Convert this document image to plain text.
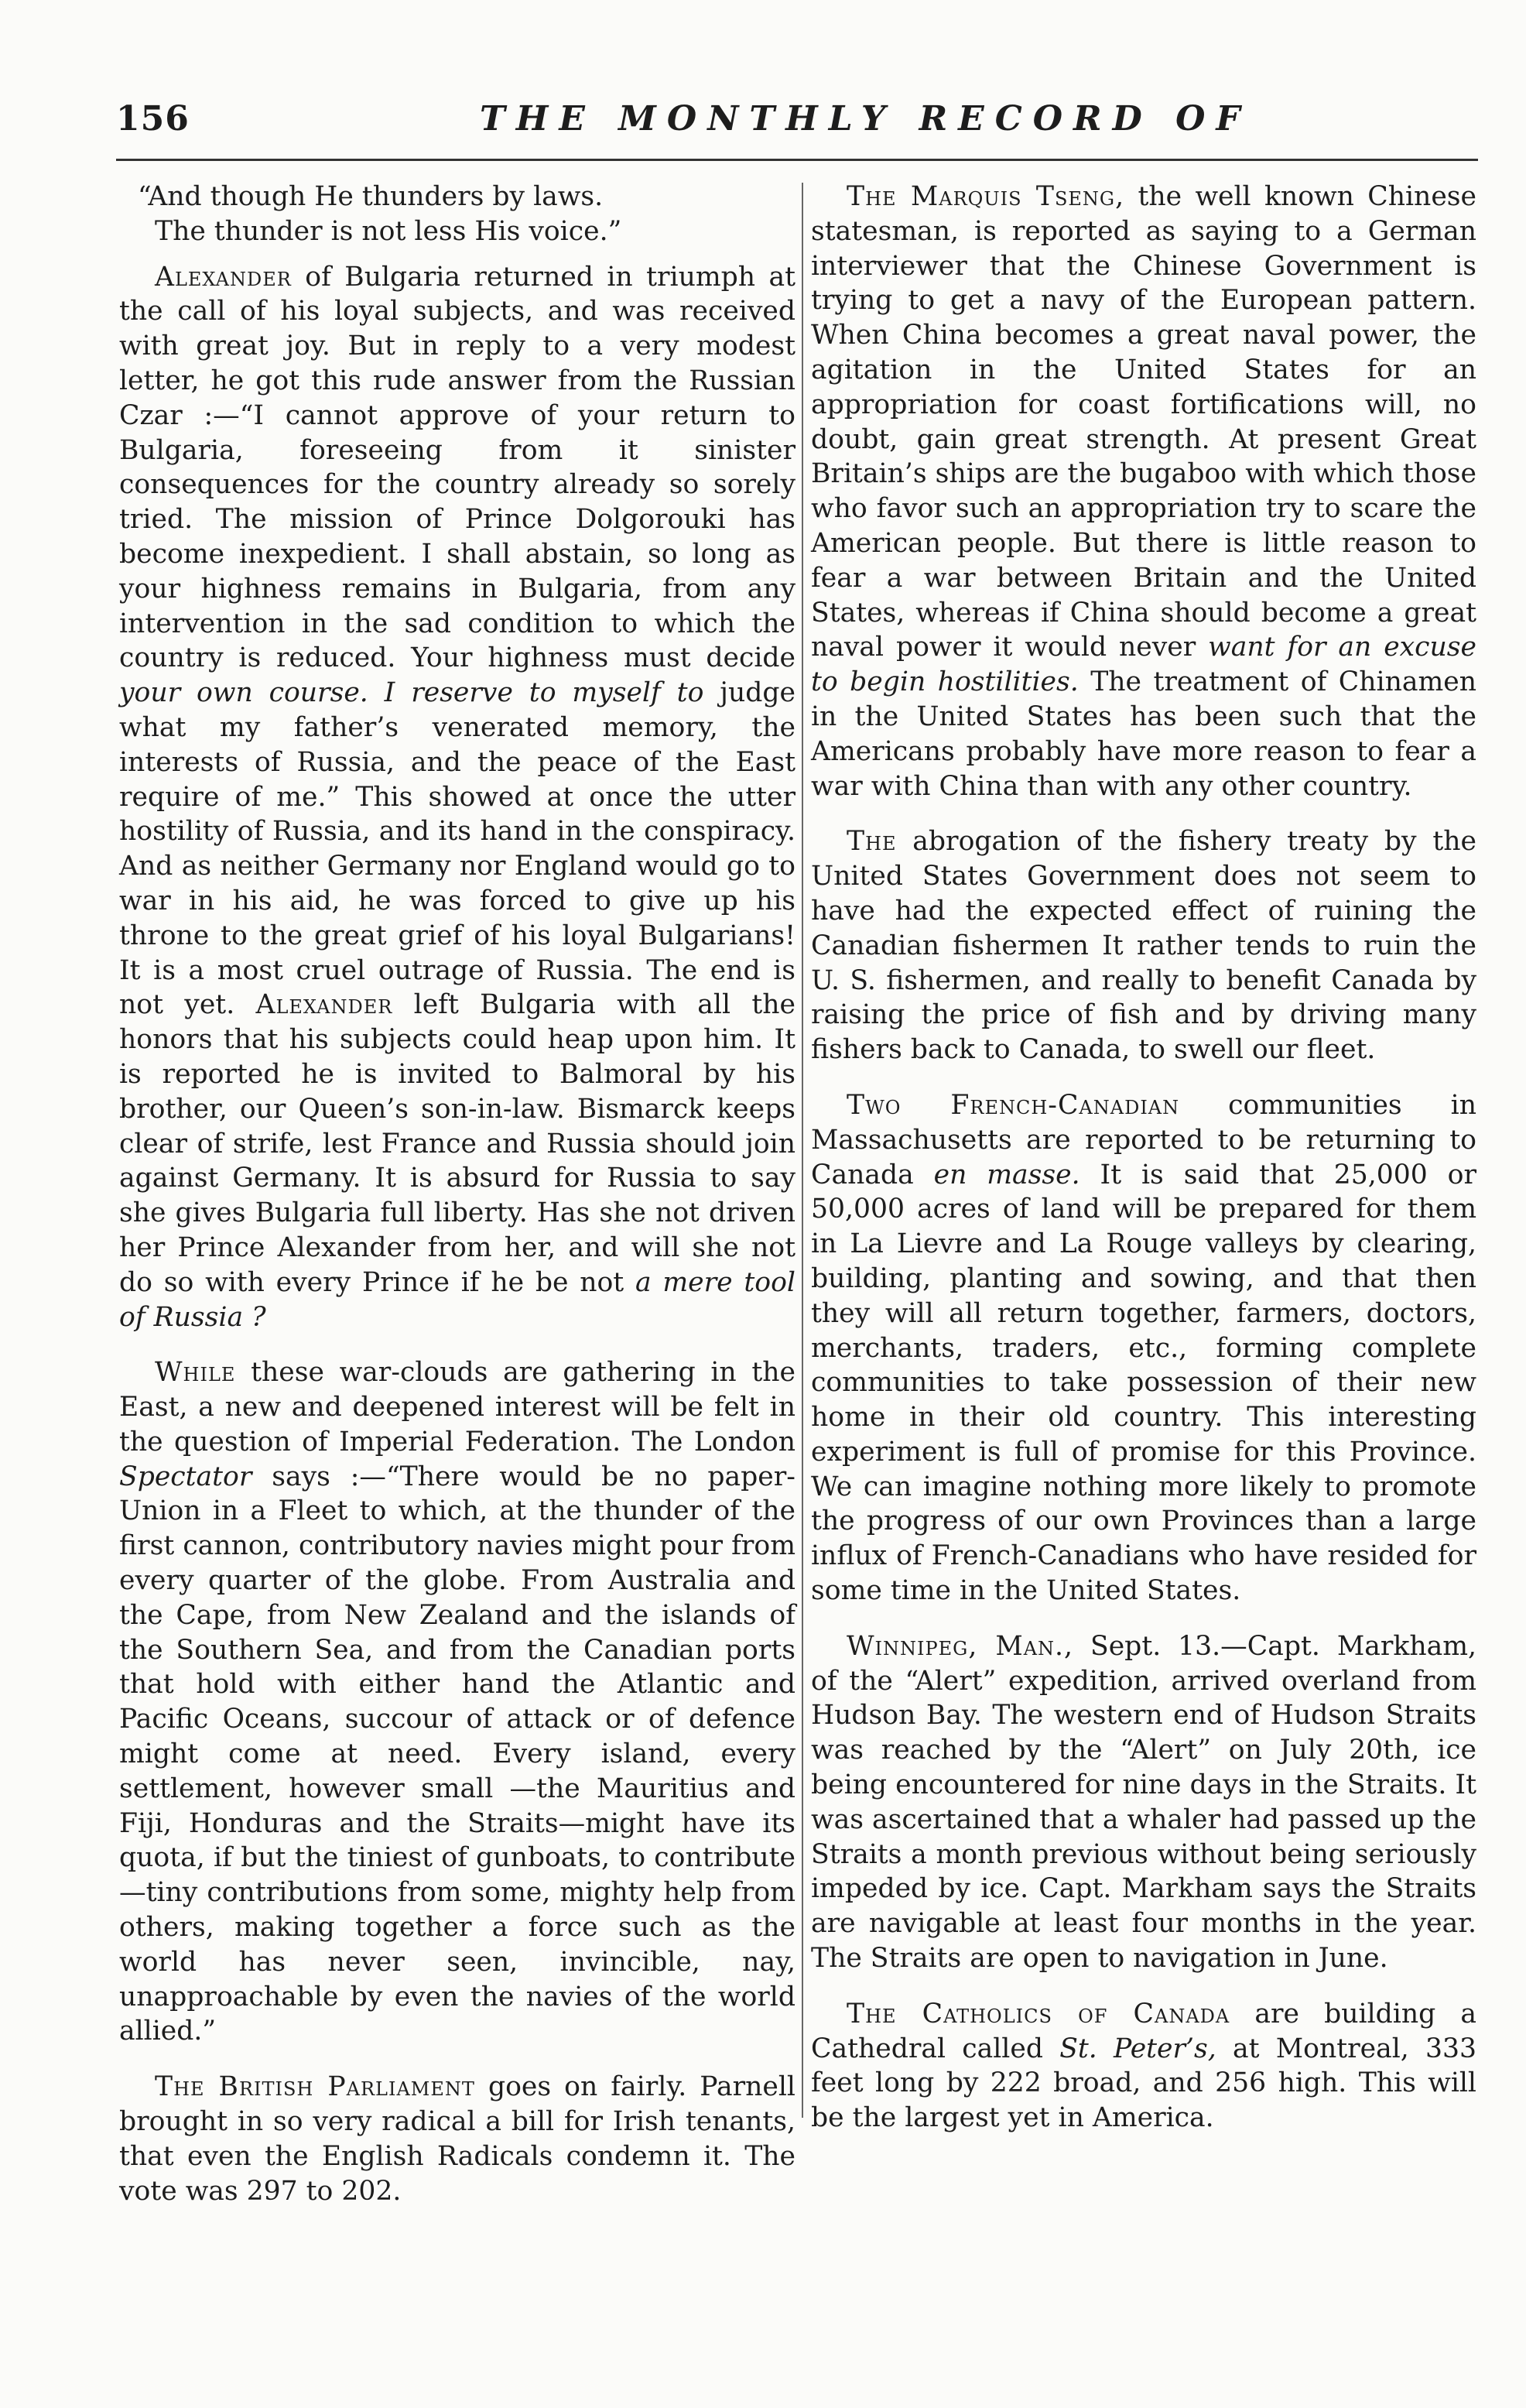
156	THE MONTHLY RECORD OF
“And though He thunders by laws.
The thunder is not less His voice.”

Alexander of Bulgaria returned in triumph at the call of his loyal subjects, and was received with great joy. But in reply to a very modest letter, he got this rude answer from the Russian Czar :—“I cannot approve of your return to Bulgaria, foreseeing from it sinister consequences for the country already so sorely tried. The mission of Prince Dolgorouki has become inexpedient. I shall abstain, so long as your highness remains in Bulgaria, from any intervention in the sad condition to which the country is reduced. Your highness must decide your own course. I reserve to myself to judge what my father’s venerated memory, the interests of Russia, and the peace of the East require of me.” This showed at once the utter hostility of Russia, and its hand in the conspiracy. And as neither Germany nor England would go to war in his aid, he was forced to give up his throne to the great grief of his loyal Bulgarians! It is a most cruel outrage of Russia. The end is not yet. Alexander left Bulgaria with all the honors that his subjects could heap upon him. It is reported he is invited to Balmoral by his brother, our Queen’s son-in-law. Bismarck keeps clear of strife, lest France and Russia should join against Germany. It is absurd for Russia to say she gives Bulgaria full liberty. Has she not driven her Prince Alexander from her, and will she not do so with every Prince if he be not a mere tool of Russia ?

While these war-clouds are gathering in the East, a new and deepened interest will be felt in the question of Imperial Federation. The London Spectator says :—“There would be no paper-Union in a Fleet to which, at the thunder of the first cannon, contributory navies might pour from every quarter of the globe. From Australia and the Cape, from New Zealand and the islands of the Southern Sea, and from the Canadian ports that hold with either hand the Atlantic and Pacific Oceans, succour of attack or of defence might come at need. Every island, every settlement, however small —the Mauritius and Fiji, Honduras and the Straits—might have its quota, if but the tiniest of gunboats, to contribute—tiny contributions from some, mighty help from others, making together a force such as the world has never seen, invincible, nay, unapproachable by even the navies of the world allied.”

The British Parliament goes on fairly. Parnell brought in so very radical a bill for Irish tenants, that even the English Radicals condemn it. The vote was 297 to 202.

The Marquis Tseng, the well known Chinese statesman, is reported as saying to a German interviewer that the Chinese Government is trying to get a navy of the European pattern. When China becomes a great naval power, the agitation in the United States for an appropriation for coast fortifications will, no doubt, gain great strength. At present Great Britain’s ships are the bugaboo with which those who favor such an appropriation try to scare the American people. But there is little reason to fear a war between Britain and the United States, whereas if China should become a great naval power it would never want for an excuse to begin hostilities. The treatment of Chinamen in the United States has been such that the Americans probably have more reason to fear a war with China than with any other country.

The abrogation of the fishery treaty by the United States Government does not seem to have had the expected effect of ruining the Canadian fishermen It rather tends to ruin the U. S. fishermen, and really to benefit Canada by raising the price of fish and by driving many fishers back to Canada, to swell our fleet.

Two French-Canadian communities in Massachusetts are reported to be returning to Canada en masse. It is said that 25,000 or 50,000 acres of land will be prepared for them in La Lievre and La Rouge valleys by clearing, building, planting and sowing, and that then they will all return together, farmers, doctors, merchants, traders, etc., forming complete communities to take possession of their new home in their old country. This interesting experiment is full of promise for this Province. We can imagine nothing more likely to promote the progress of our own Provinces than a large influx of French-Canadians who have resided for some time in the United States.

Winnipeg, Man., Sept. 13.—Capt. Markham, of the “Alert” expedition, arrived overland from Hudson Bay. The western end of Hudson Straits was reached by the “Alert” on July 20th, ice being encountered for nine days in the Straits. It was ascertained that a whaler had passed up the Straits a month previous without being seriously impeded by ice. Capt. Markham says the Straits are navigable at least four months in the year. The Straits are open to navigation in June.

The Catholics of Canada are building a Cathedral called St. Peter’s, at Montreal, 333 feet long by 222 broad, and 256 high. This will be the largest yet in America.
